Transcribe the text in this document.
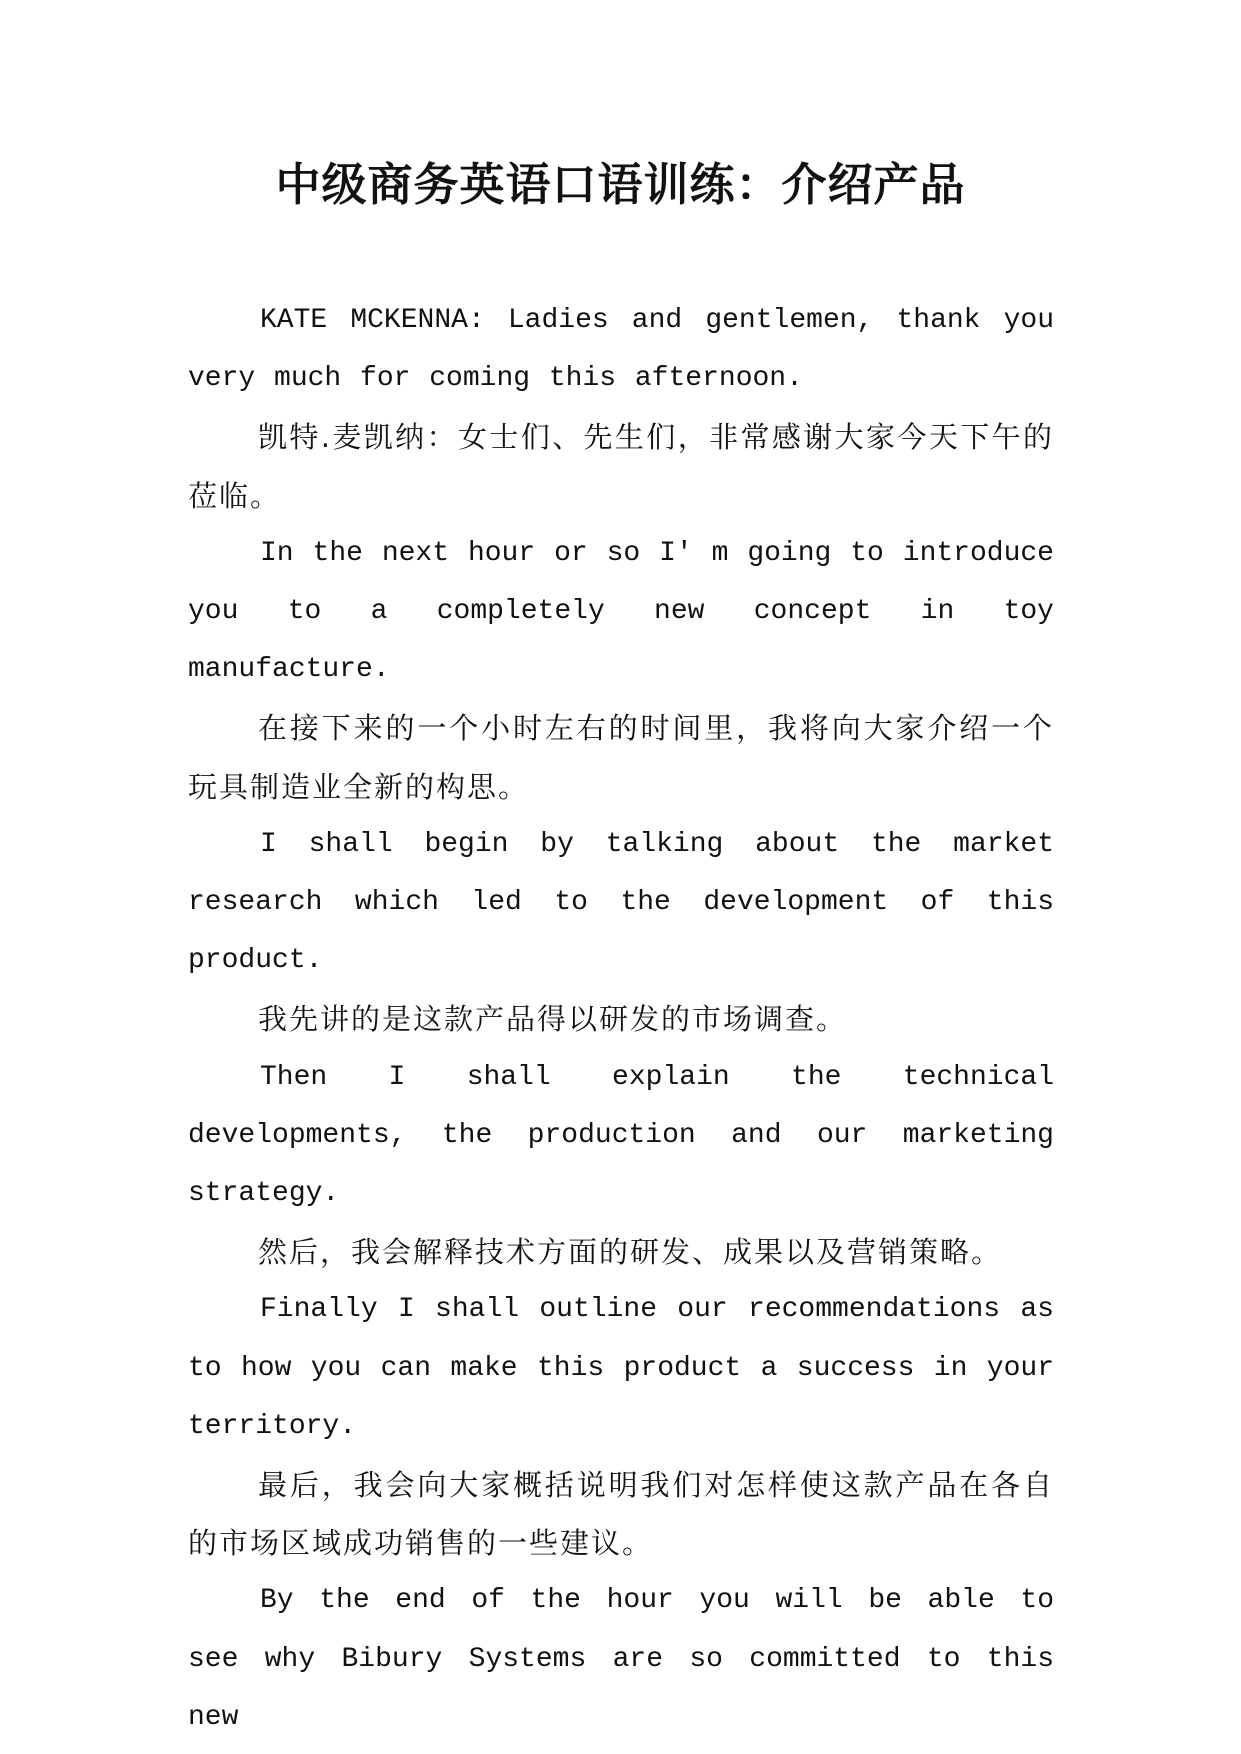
中级商务英语口语训练：介绍产品

KATE MCKENNA: Ladies and gentlemen, thank you very much for coming this afternoon.

凯特.麦凯纳：女士们、先生们，非常感谢大家今天下午的莅临。

In the next hour or so I' m going to introduce you to a completely new concept in toy manufacture.

在接下来的一个小时左右的时间里，我将向大家介绍一个玩具制造业全新的构思。

I shall begin by talking about the market research which led to the development of this product.

我先讲的是这款产品得以研发的市场调查。

Then I shall explain the technical developments, the production and our marketing strategy.

然后，我会解释技术方面的研发、成果以及营销策略。

Finally I shall outline our recommendations as to how you can make this product a success in your territory.

最后，我会向大家概括说明我们对怎样使这款产品在各自的市场区域成功销售的一些建议。

By the end of the hour you will be able to see why Bibury Systems are so committed to this new
